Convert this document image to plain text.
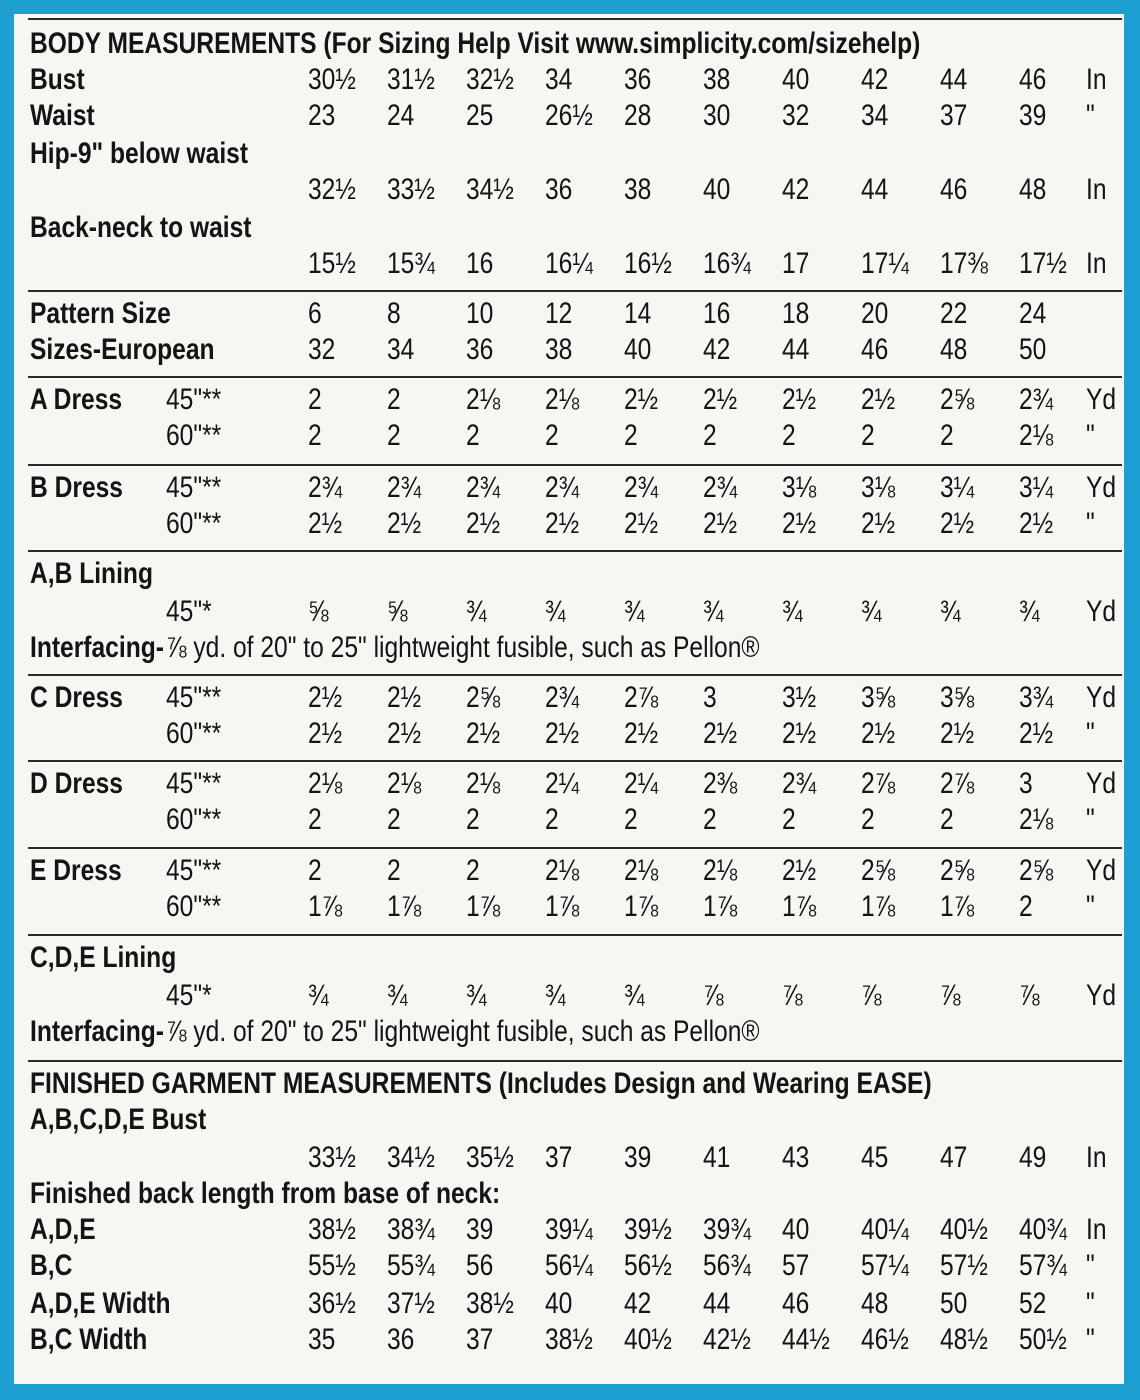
BODY MEASUREMENTS (For Sizing Help Visit www.simplicity.com/sizehelp)
Bust	30½ 31½ 32½ 34 36 38 40 42 44 46 In
Waist	23 24 25 26½ 28 30 32 34 37 39 "
Hip-9" below waist
32½ 33½ 34½ 36 38 40 42 44 46 48 In
Back-neck to waist
15½ 15¾ 16 16¼ 16½ 16¾ 17 17¼ 17⅜ 17½ In
Pattern Size	6 8 10 12 14 16 18 20 22 24
Sizes-European	32 34 36 38 40 42 44 46 48 50
A Dress 45"**	2 2 2⅛ 2⅛ 2½ 2½ 2½ 2½ 2⅝ 2¾ Yd
60"**	2 2 2 2 2 2 2 2 2 2⅛ "
B Dress 45"**	2¾ 2¾ 2¾ 2¾ 2¾ 2¾ 3⅛ 3⅛ 3¼ 3¼ Yd
60"**	2½ 2½ 2½ 2½ 2½ 2½ 2½ 2½ 2½ 2½ "
A,B Lining
45"*	⅝ ⅝ ¾ ¾ ¾ ¾ ¾ ¾ ¾ ¾ Yd
Interfacing- ⅞ yd. of 20" to 25" lightweight fusible, such as Pellon®
C Dress 45"**	2½ 2½ 2⅝ 2¾ 2⅞ 3 3½ 3⅝ 3⅝ 3¾ Yd
60"**	2½ 2½ 2½ 2½ 2½ 2½ 2½ 2½ 2½ 2½ "
D Dress 45"**	2⅛ 2⅛ 2⅛ 2¼ 2¼ 2⅜ 2¾ 2⅞ 2⅞ 3 Yd
60"**	2 2 2 2 2 2 2 2 2 2⅛ "
E Dress 45"**	2 2 2 2⅛ 2⅛ 2⅛ 2½ 2⅝ 2⅝ 2⅝ Yd
60"**	1⅞ 1⅞ 1⅞ 1⅞ 1⅞ 1⅞ 1⅞ 1⅞ 1⅞ 2 "
C,D,E Lining
45"*	¾ ¾ ¾ ¾ ¾ ⅞ ⅞ ⅞ ⅞ ⅞ Yd
Interfacing- ⅞ yd. of 20" to 25" lightweight fusible, such as Pellon®
FINISHED GARMENT MEASUREMENTS (Includes Design and Wearing EASE)
A,B,C,D,E Bust
33½ 34½ 35½ 37 39 41 43 45 47 49 In
Finished back length from base of neck:
A,D,E	38½ 38¾ 39 39¼ 39½ 39¾ 40 40¼ 40½ 40¾ In
B,C	55½ 55¾ 56 56¼ 56½ 56¾ 57 57¼ 57½ 57¾ "
A,D,E Width	36½ 37½ 38½ 40 42 44 46 48 50 52 "
B,C Width	35 36 37 38½ 40½ 42½ 44½ 46½ 48½ 50½ "
